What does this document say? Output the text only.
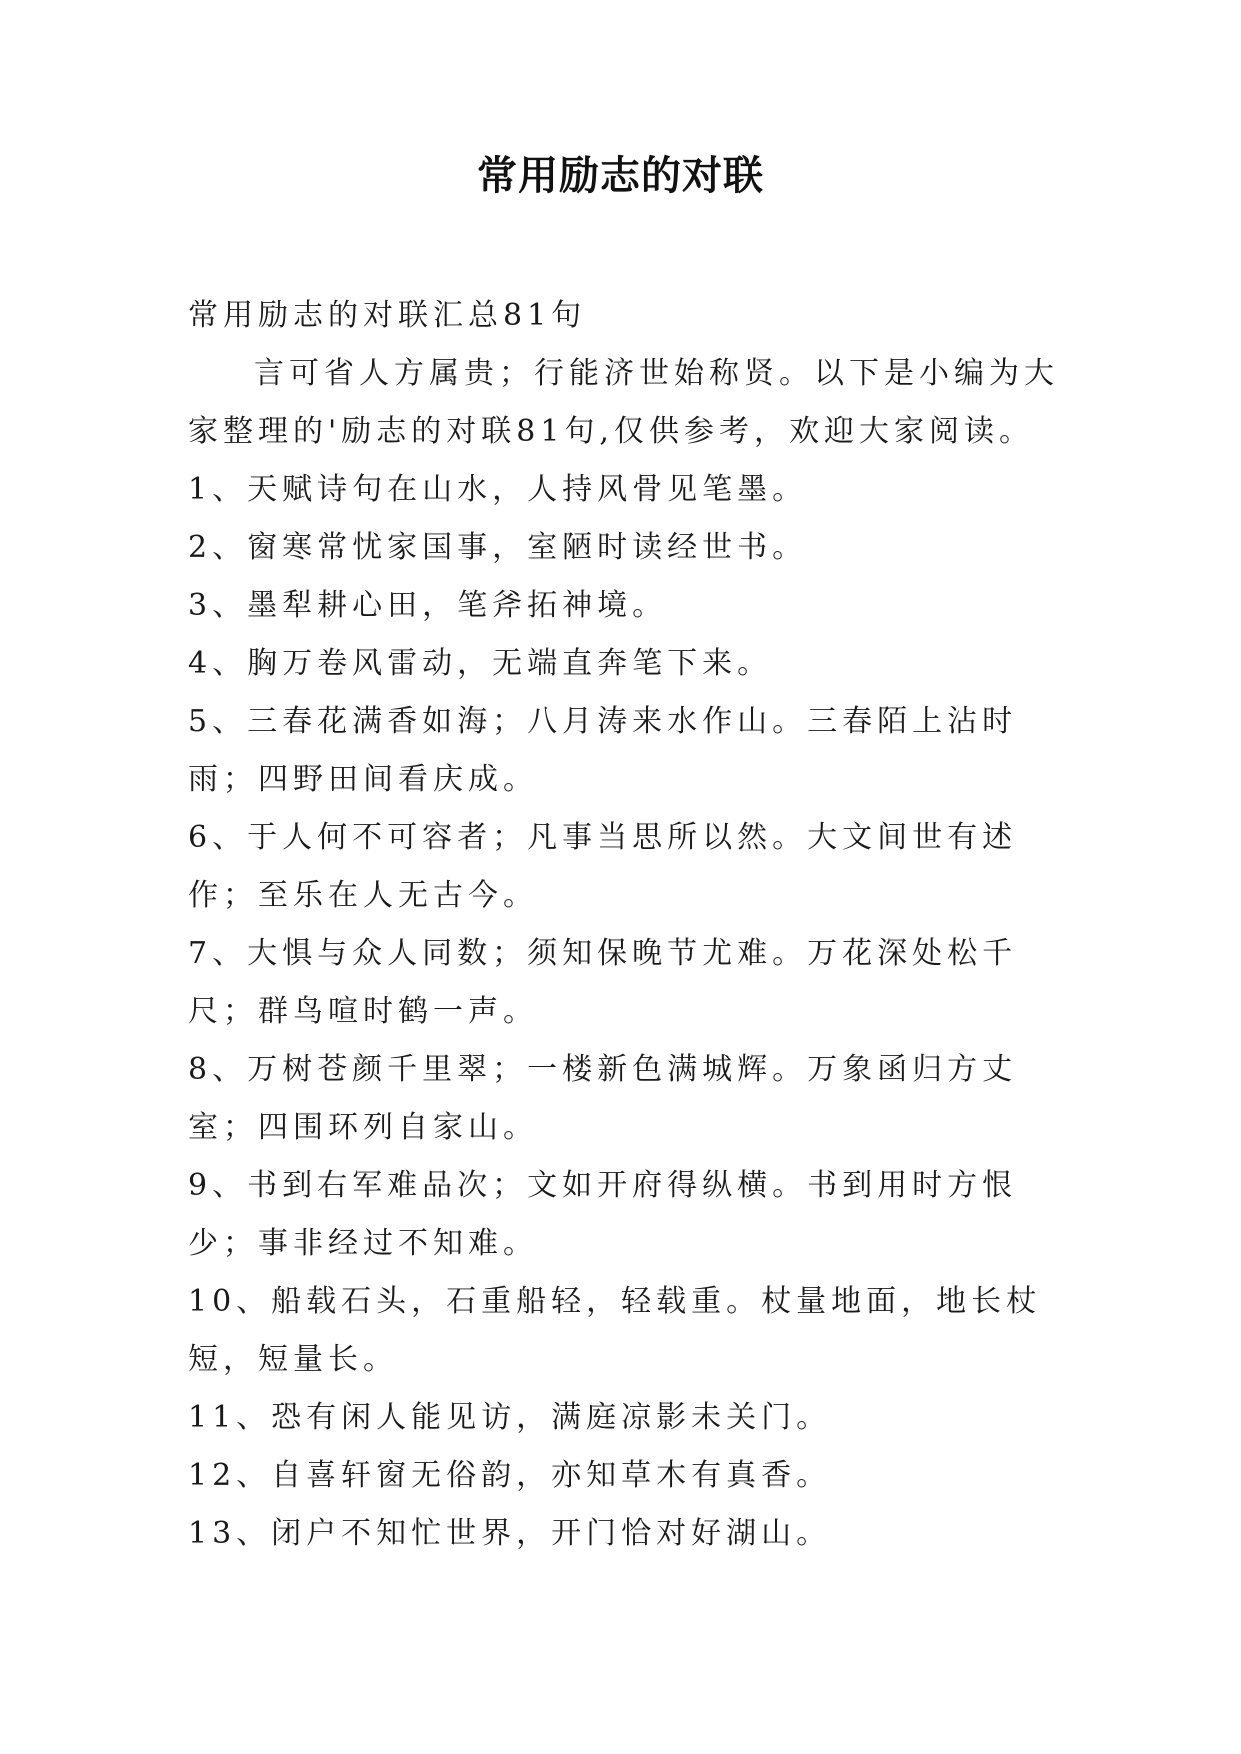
常用励志的对联

常用励志的对联汇总81句

言可省人方属贵；行能济世始称贤。以下是小编为大家整理的'励志的对联81句,仅供参考，欢迎大家阅读。

1、天赋诗句在山水，人持风骨见笔墨。
2、窗寒常忧家国事，室陋时读经世书。
3、墨犁耕心田，笔斧拓神境。
4、胸万卷风雷动，无端直奔笔下来。
5、三春花满香如海；八月涛来水作山。三春陌上沾时雨；四野田间看庆成。
6、于人何不可容者；凡事当思所以然。大文间世有述作；至乐在人无古今。
7、大惧与众人同数；须知保晚节尤难。万花深处松千尺；群鸟喧时鹤一声。
8、万树苍颜千里翠；一楼新色满城辉。万象函归方丈室；四围环列自家山。
9、书到右军难品次；文如开府得纵横。书到用时方恨少；事非经过不知难。
10、船载石头，石重船轻，轻载重。杖量地面，地长杖短，短量长。
11、恐有闲人能见访，满庭凉影未关门。
12、自喜轩窗无俗韵，亦知草木有真香。
13、闭户不知忙世界，开门恰对好湖山。
